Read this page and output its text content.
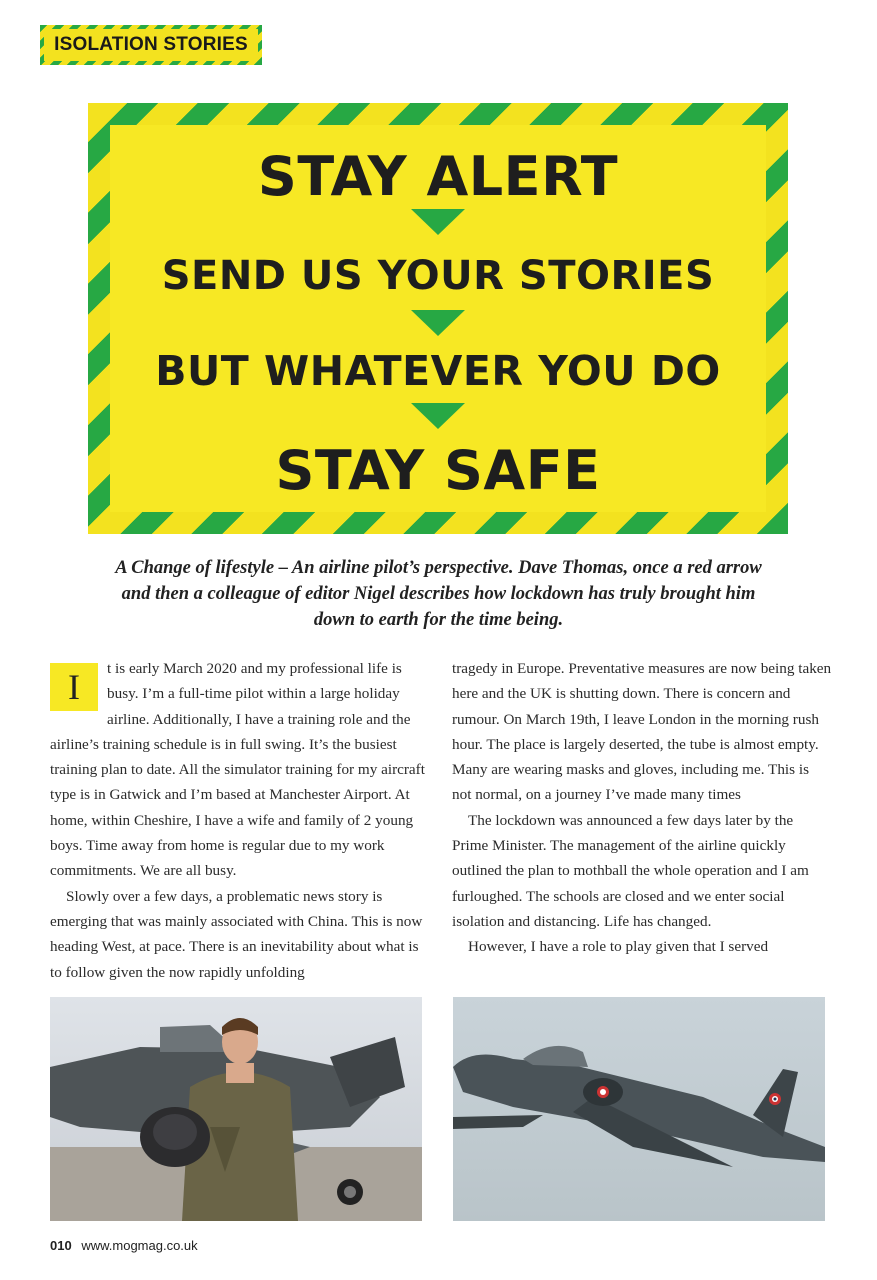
ISOLATION STORIES
STAY ALERT
SEND US YOUR STORIES
BUT WHATEVER YOU DO
STAY SAFE
A Change of lifestyle – An airline pilot’s perspective. Dave Thomas, once a red arrow and then a colleague of editor Nigel describes how lockdown has truly brought him down to earth for the time being.

I	t is early March 2020 and my professional life is busy. I’m a full-time pilot within a large holiday airline. Additionally, I have a training role and the airline’s training schedule is in full swing. It’s the busiest training plan to date. All the simulator training for my aircraft type is in Gatwick and I’m based at Manchester Airport. At home, within Cheshire, I have a wife and family of 2 young boys. Time away from home is regular due to my work commitments. We are all busy.

Slowly over a few days, a problematic news story is emerging that was mainly associated with China. This is now heading West, at pace. There is an inevitability about what is to follow given the now rapidly unfolding

tragedy in Europe. Preventative measures are now being taken here and the UK is shutting down. There is concern and rumour. On March 19th, I leave London in the morning rush hour. The place is largely deserted, the tube is almost empty. Many are wearing masks and gloves, including me. This is not normal, on a journey I’ve made many times

The lockdown was announced a few days later by the Prime Minister. The management of the airline quickly outlined the plan to mothball the whole operation and I am furloughed. The schools are closed and we enter social isolation and distancing. Life has changed.

However, I have a role to play given that I served

010 www.mogmag.co.uk
